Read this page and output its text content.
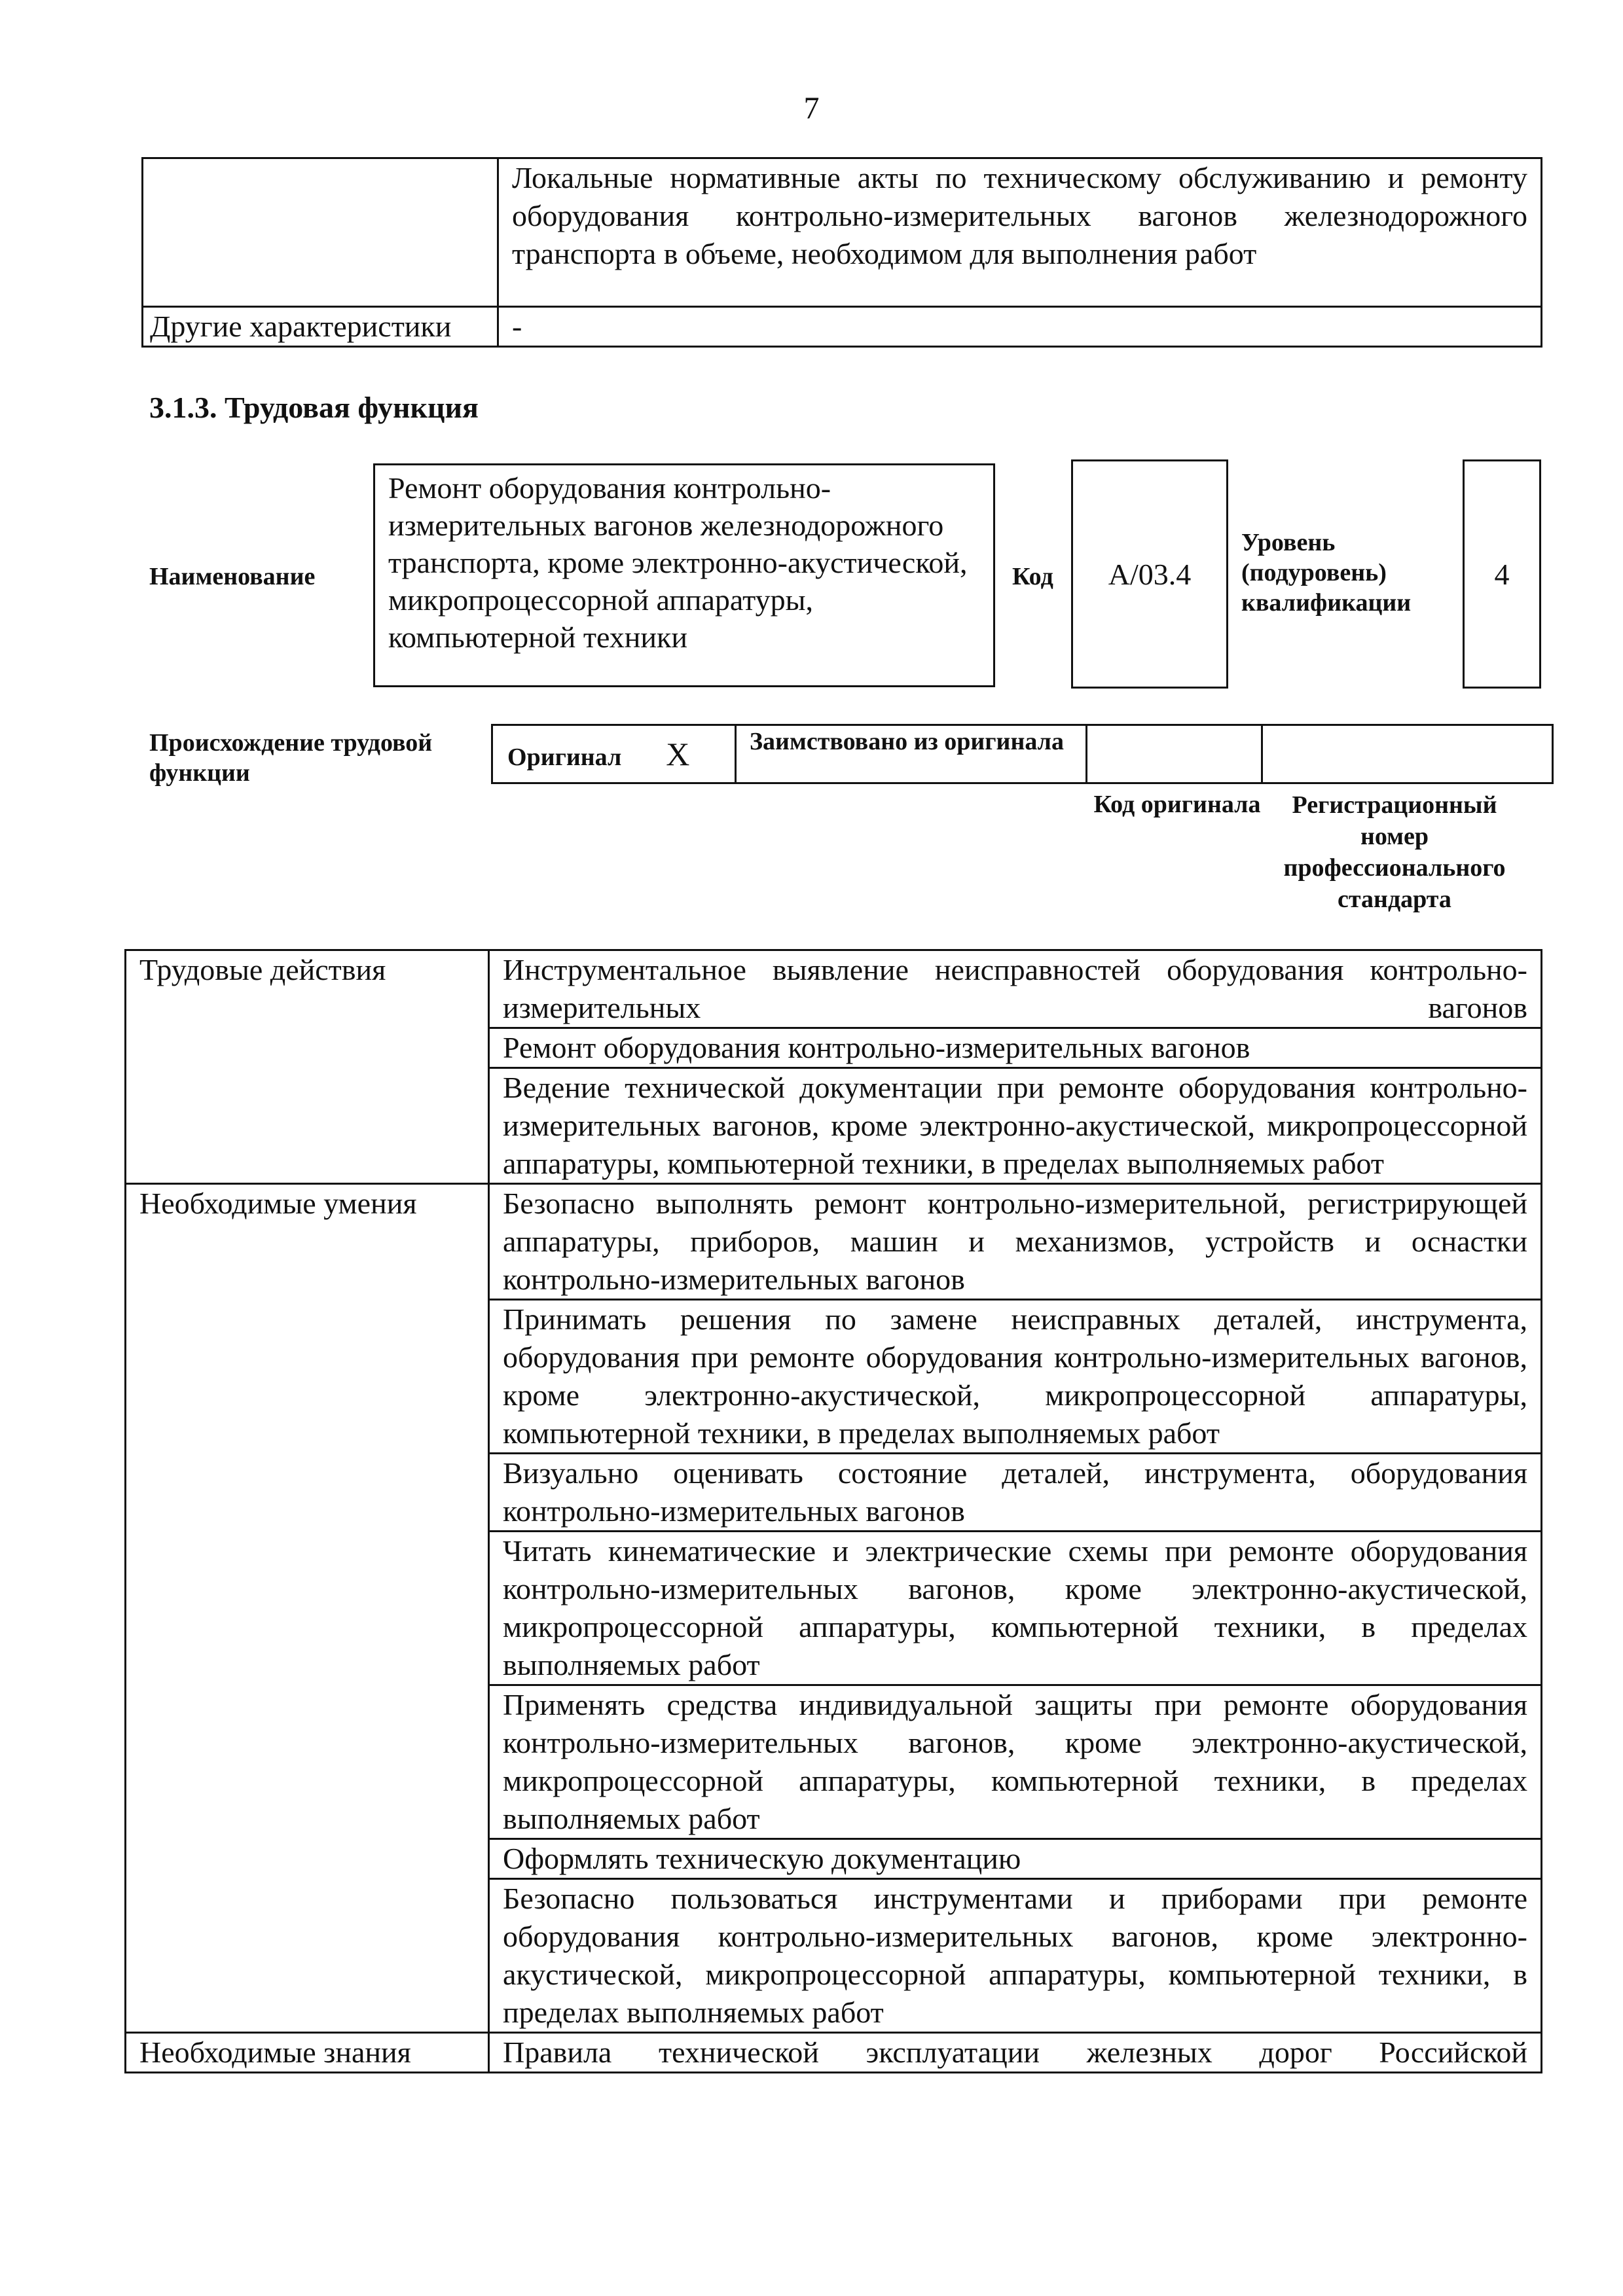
7
	Локальные нормативные акты по техническому обслуживанию и ремонту оборудования контрольно-измерительных вагонов железнодорожного транспорта в объеме, необходимом для выполнения работ
Другие характеристики	-
3.1.3. Трудовая функция
Наименование
Ремонт оборудования контрольно-измерительных вагонов железнодорожного транспорта, кроме электронно-акустической, микропроцессорной аппаратуры, компьютерной техники
Код А/03.4
Уровень (подуровень) квалификации
4
Происхождение трудовой функции
Оригинал X	Заимствовано из оригинала		
Код оригинала	Регистрационный номер профессионального стандарта
Трудовые действия	Инструментальное выявление неисправностей оборудования контрольно-измерительных вагонов
	Ремонт оборудования контрольно-измерительных вагонов
	Ведение технической документации при ремонте оборудования контрольно-измерительных вагонов, кроме электронно-акустической, микропроцессорной аппаратуры, компьютерной техники, в пределах выполняемых работ
Необходимые умения	Безопасно выполнять ремонт контрольно-измерительной, регистрирующей аппаратуры, приборов, машин и механизмов, устройств и оснастки контрольно-измерительных вагонов
	Принимать решения по замене неисправных деталей, инструмента, оборудования при ремонте оборудования контрольно-измерительных вагонов, кроме электронно-акустической, микропроцессорной аппаратуры, компьютерной техники, в пределах выполняемых работ
	Визуально оценивать состояние деталей, инструмента, оборудования контрольно-измерительных вагонов
	Читать кинематические и электрические схемы при ремонте оборудования контрольно-измерительных вагонов, кроме электронно-акустической, микропроцессорной аппаратуры, компьютерной техники, в пределах выполняемых работ
	Применять средства индивидуальной защиты при ремонте оборудования контрольно-измерительных вагонов, кроме электронно-акустической, микропроцессорной аппаратуры, компьютерной техники, в пределах выполняемых работ
	Оформлять техническую документацию
	Безопасно пользоваться инструментами и приборами при ремонте оборудования контрольно-измерительных вагонов, кроме электронно-акустической, микропроцессорной аппаратуры, компьютерной техники, в пределах выполняемых работ
Необходимые знания	Правила технической эксплуатации железных дорог Российской
